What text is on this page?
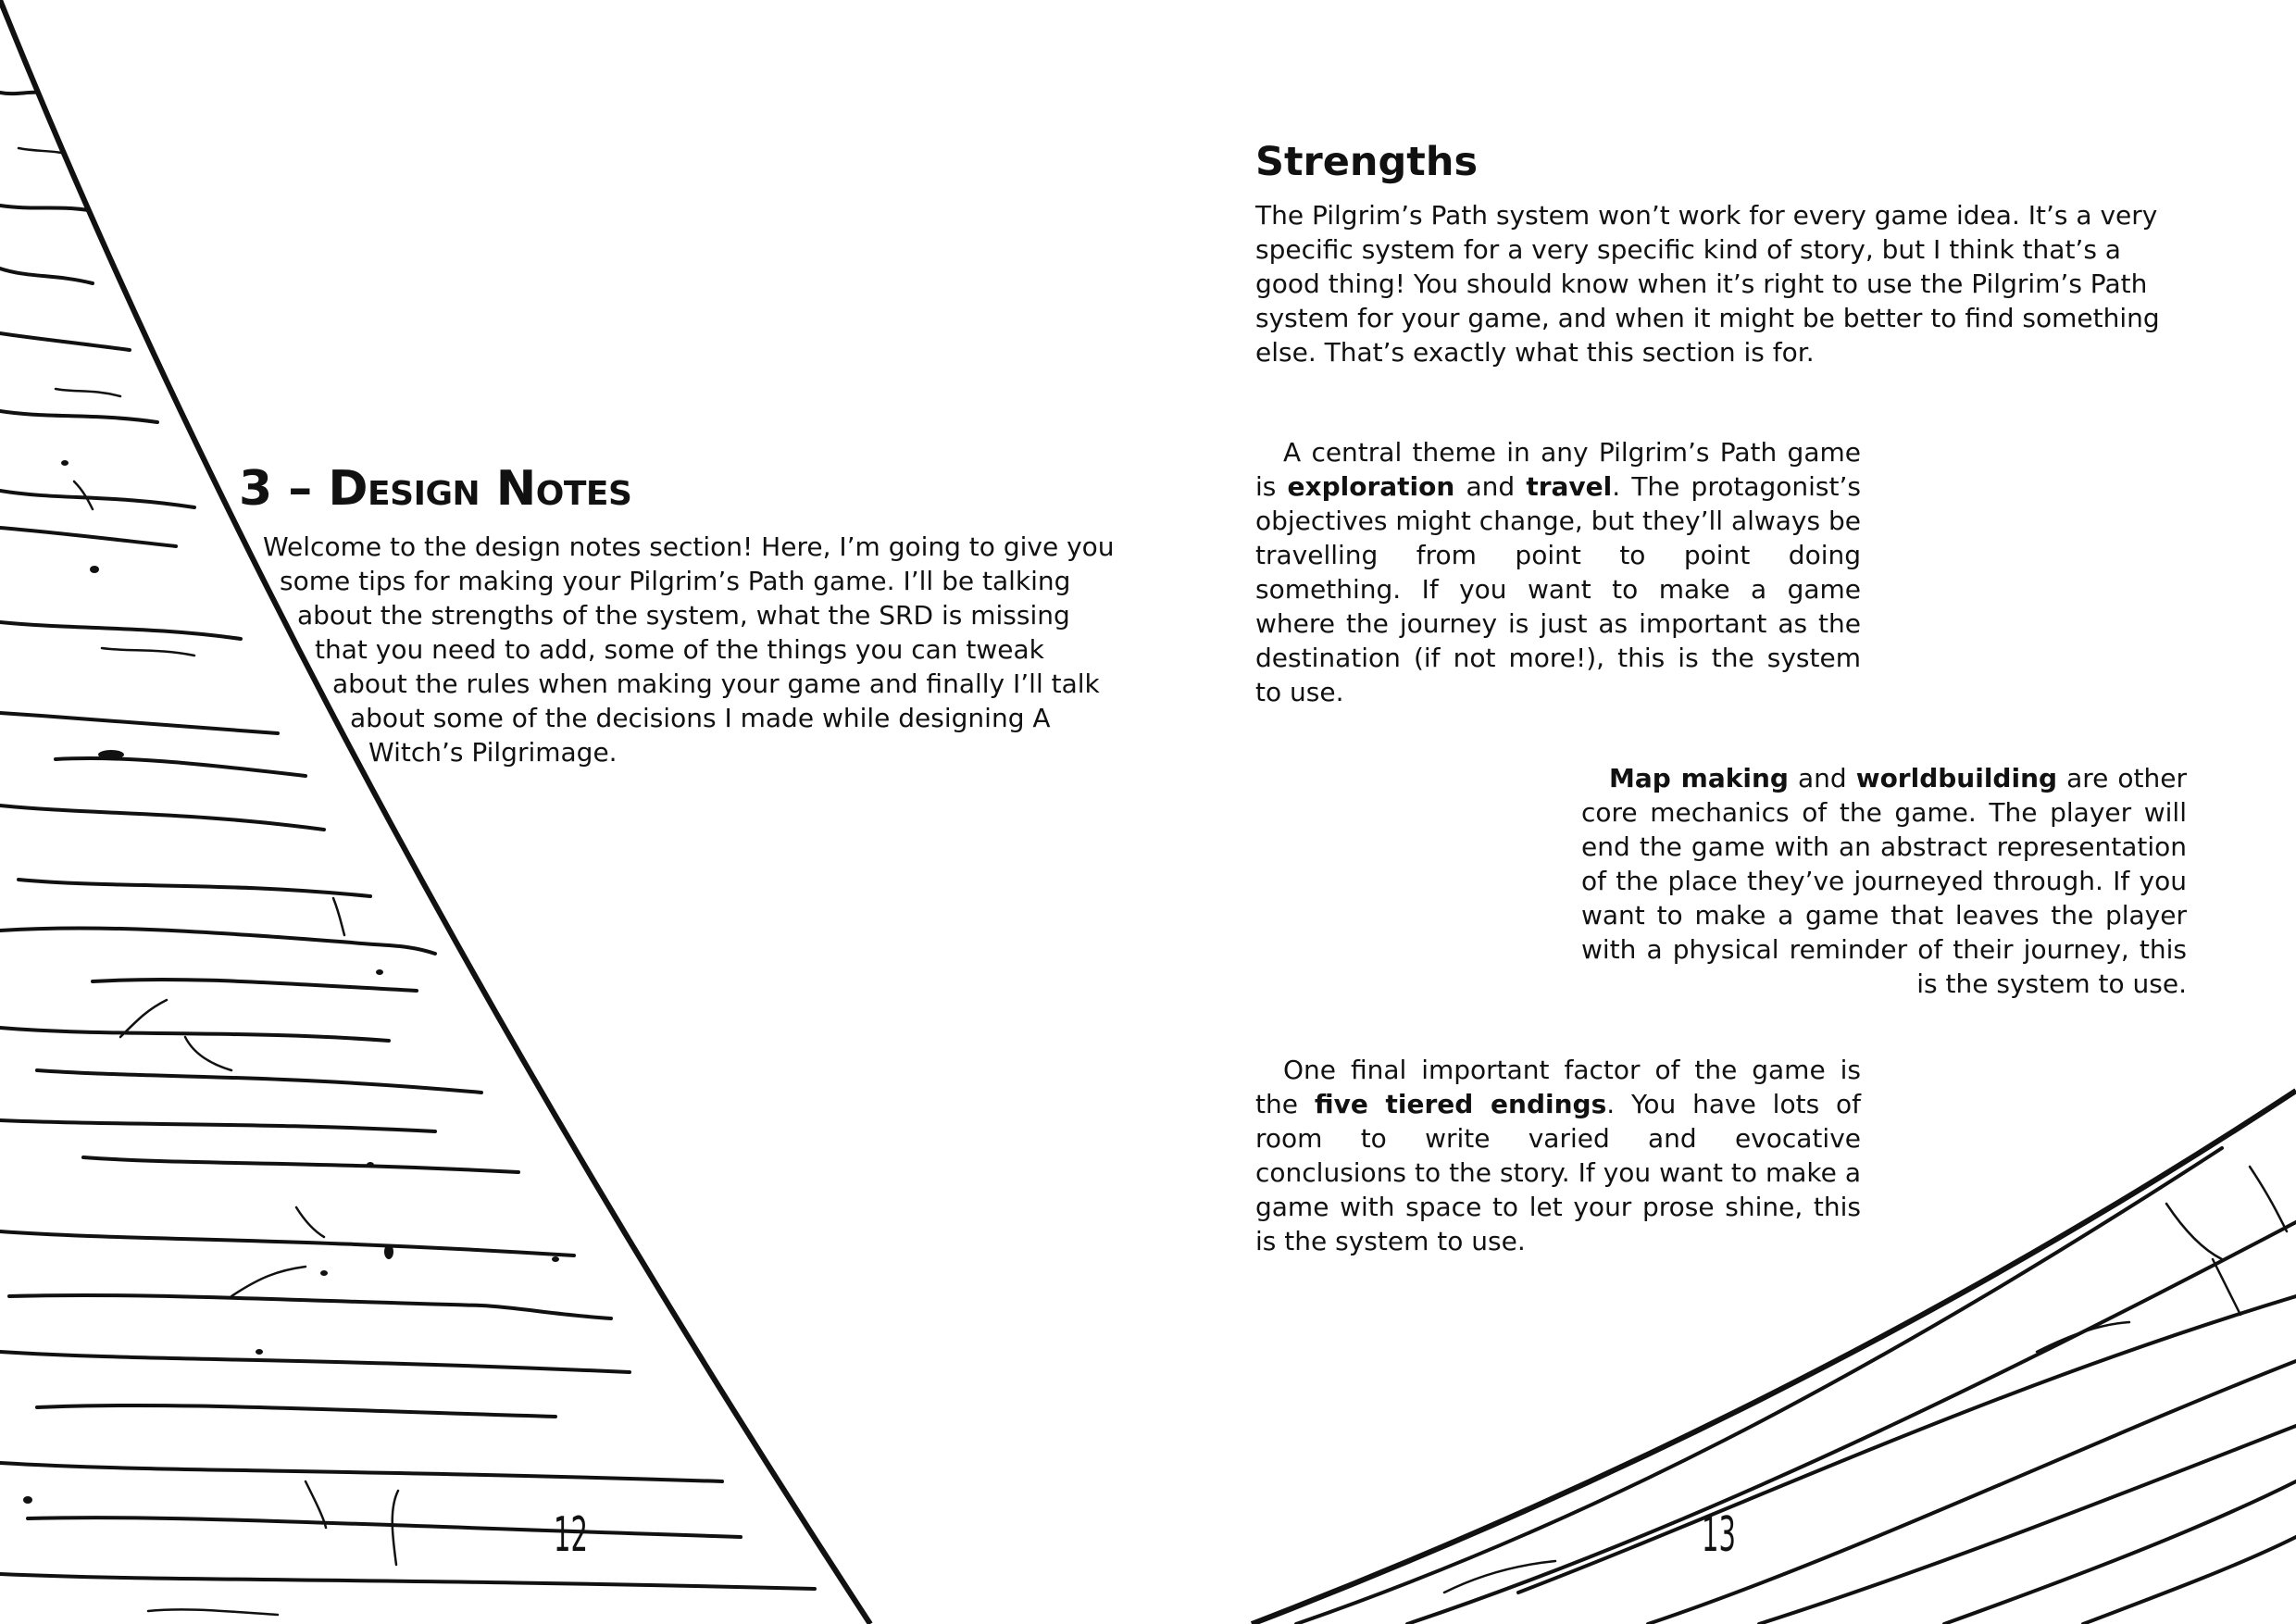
3 – Design Notes

Welcome to the design notes section! Here, I’m going to give you

some tips for making your Pilgrim’s Path game. I’ll be talking

about the strengths of the system, what the SRD is missing

that you need to add, some of the things you can tweak

about the rules when making your game and finally I’ll talk

about some of the decisions I made while designing A

Witch’s Pilgrimage.

12
Strengths

The Pilgrim’s Path system won’t work for every game idea. It’s a very specific system for a very specific kind of story, but I think that’s a good thing! You should know when it’s right to use the Pilgrim’s Path system for your game, and when it might be better to find something else. That’s exactly what this section is for.

A central theme in any Pilgrim’s Path game is exploration and travel. The protagonist’s objectives might change, but they’ll always be travelling from point to point doing something. If you want to make a game where the journey is just as important as the destination (if not more!), this is the system to use.

Map making and worldbuilding are other core mechanics of the game. The player will end the game with an abstract representation of the place they’ve journeyed through. If you want to make a game that leaves the player with a physical reminder of their journey, this is the system to use.

One final important factor of the game is the five tiered endings. You have lots of room to write varied and evocative conclusions to the story. If you want to make a game with space to let your prose shine, this is the system to use.

13
